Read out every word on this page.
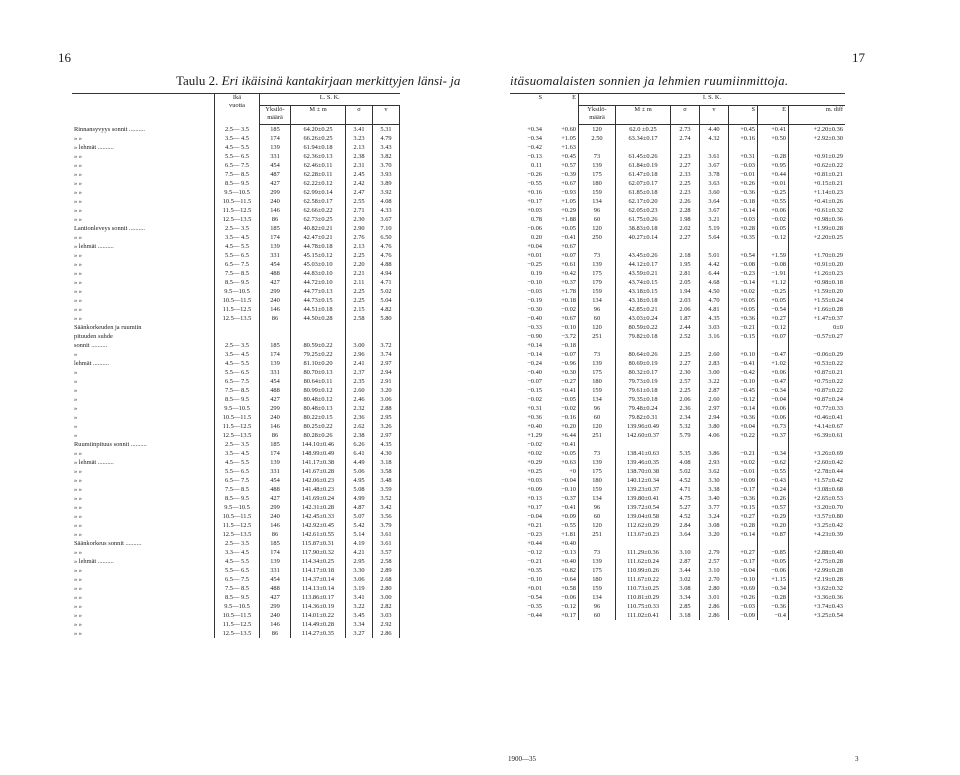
16
Taulu 2. Eri ikäisinä kantakirjaan merkittyjen länsi- ja
	Ikä
vuotta	L. S. K.			
		Yksilö-
määrä	M ± m	σ	v
Rinnansyvyys sonnit ..........	2.5— 3.5	185	64.20±0.25	3.41	5.31
» »	3.5— 4.5	174	66.26±0.25	3.23	4.79
» lehmät ..........	4.5— 5.5	139	61.94±0.18	2.13	3.43
» »	5.5— 6.5	331	62.36±0.13	2.38	3.82
» »	6.5— 7.5	454	62.46±0.11	2.31	3.70
» »	7.5— 8.5	487	62.28±0.11	2.45	3.93
» »	8.5— 9.5	427	62.22±0.12	2.42	3.89
» »	9.5—10.5	299	62.99±0.14	2.47	3.92
» »	10.5—11.5	240	62.58±0.17	2.55	4.08
» »	11.5—12.5	146	62.66±0.22	2.71	4.33
» »	12.5—13.5	86	62.73±0.25	2.30	3.67
Lantionleveys sonnit ..........	2.5— 3.5	185	40.82±0.21	2.90	7.10
» »	3.5— 4.5	174	42.47±0.21	2.76	6.50
» lehmät ..........	4.5— 5.5	139	44.78±0.18	2.13	4.76
» »	5.5— 6.5	331	45.15±0.12	2.25	4.76
» »	6.5— 7.5	454	45.03±0.10	2.20	4.88
» »	7.5— 8.5	488	44.83±0.10	2.21	4.94
» »	8.5— 9.5	427	44.72±0.10	2.11	4.71
» »	9.5—10.5	299	44.77±0.13	2.25	5.02
» »	10.5—11.5	240	44.73±0.15	2.25	5.04
» »	11.5—12.5	146	44.51±0.18	2.15	4.82
» »	12.5—13.5	86	44.50±0.28	2.58	5.80
Säänkorkeuden ja ruumiin					
pituuden suhde					
sonnit ..........	2.5— 3.5	185	80.59±0.22	3.00	3.72
»	3.5— 4.5	174	79.25±0.22	2.96	3.74
lehmät ..........	4.5— 5.5	139	81.10±0.20	2.41	2.97
»	5.5— 6.5	331	80.70±0.13	2.37	2.94
»	6.5— 7.5	454	80.64±0.11	2.35	2.91
»	7.5— 8.5	488	80.99±0.12	2.60	3.20
»	8.5— 9.5	427	80.48±0.12	2.46	3.06
»	9.5—10.5	299	80.48±0.13	2.32	2.88
»	10.5—11.5	240	80.22±0.15	2.36	2.95
»	11.5—12.5	146	80.25±0.22	2.62	3.26
»	12.5—13.5	86	80.28±0.26	2.38	2.97
Ruumiinpituus sonnit ..........	2.5— 3.5	185	144.10±0.46	6.26	4.35
» »	3.5— 4.5	174	148.99±0.49	6.41	4.30
» lehmät ..........	4.5— 5.5	139	141.17±0.38	4.49	3.18
» »	5.5— 6.5	331	141.67±0.28	5.06	3.58
» »	6.5— 7.5	454	142.06±0.23	4.95	3.48
» »	7.5— 8.5	488	141.48±0.23	5.08	3.59
» »	8.5— 9.5	427	141.69±0.24	4.99	3.52
» »	9.5—10.5	299	142.31±0.28	4.87	3.42
» »	10.5—11.5	240	142.45±0.33	5.07	3.56
» »	11.5—12.5	146	142.92±0.45	5.42	3.79
» »	12.5—13.5	86	142.61±0.55	5.14	3.61
Säänkorkeus sonnit ..........	2.5— 3.5	185	115.87±0.31	4.19	3.61
» »	3.3— 4.5	174	117.90±0.32	4.21	3.57
» lehmät ..........	4.5— 5.5	139	114.34±0.25	2.95	2.58
» »	5.5— 6.5	331	114.17±0.18	3.30	2.89
» »	6.5— 7.5	454	114.37±0.14	3.06	2.68
» »	7.5— 8.5	488	114.13±0.14	3.19	2.80
» »	8.5— 9.5	427	113.86±0.17	3.41	3.00
» »	9.5—10.5	299	114.36±0.19	3.22	2.82
» »	10.5—11.5	240	114.01±0.22	3.45	3.03
» »	11.5—12.5	146	114.49±0.28	3.34	2.92
» »	12.5—13.5	86	114.27±0.35	3.27	2.86
17
itäsuomalaisten sonnien ja lehmien ruumiinmittoja.
S	E	I. S. K.						
		Yksilö-
määrä	M ± m	σ	v	S	E	m. diff
+0.34	+0.60	120	62.0 ±0.25	2.73	4.40	+0.45	+0.41	+2.20±0.36
−0.34	+1.05	2.50	63.34±0.17	2.74	4.32	+0.16	+0.50	+2.92±0.30
−0.42	+1.63							
−0.13	+0.45	73	61.45±0.26	2.23	3.61	+0.31	−0.28	+0.91±0.29
0.11	+0.57	139	61.84±0.19	2.27	3.67	−0.03	+0.95	+0.62±0.22
−0.26	−0.39	175	61.47±0.18	2.33	3.78	−0.01	+0.44	+0.81±0.21
−0.55	+0.67	180	62.07±0.17	2.25	3.63	+0.26	+0.01	+0.15±0.21
+0.16	−0.93	159	61.85±0.18	2.23	3.60	−0.36	−0.25	+1.14±0.23
+0.17	+1.05	134	62.17±0.20	2.26	3.64	−0.18	+0.55	+0.41±0.26
+0.03	+0.29	96	62.05±0.23	2.28	3.67	−0.14	+0.06	+0.61±0.32
0.78	+1.88	60	61.75±0.26	1.98	3.21	−0.03	−0.02	+0.98±0.36
−0.06	+0.05	120	38.83±0.18	2.02	5.19	+0.28	+0.05	+1.99±0.28
0.20	−0.41	250	40.27±0.14	2.27	5.64	+0.35	−0.12	+2.20±0.25
+0.04	+0.67							
+0.01	+0.07	73	43.45±0.26	2.18	5.01	+0.54	+1.59	+1.70±0.29
−0.25	+0.61	139	44.12±0.17	1.95	4.42	−0.08	−0.08	+0.91±0.20
0.19	+0.42	175	43.59±0.21	2.81	6.44	−0.23	−1.91	+1.26±0.23
−0.10	+0.37	179	43.74±0.15	2.05	4.68	−0.14	+1.12	+0.98±0.18
−0.03	+1.78	159	43.18±0.15	1.94	4.50	+0.02	−0.25	+1.59±0.20
−0.19	+0.18	134	43.18±0.18	2.03	4.70	+0.05	+0.05	+1.55±0.24
−0.30	−0.02	96	42.85±0.21	2.06	4.81	+0.05	−0.54	+1.66±0.28
−0.40	+0.67	60	43.03±0.24	1.87	4.35	+0.36	+0.27	+1.47±0.37

−0.33	−0.10	120	80.59±0.22	2.44	3.03	−0.21	−0.12	0±0
−0.90	−3.72	251	79.82±0.18	2.52	3.16	−0.15	+0.07	−0.57±0.27
+0.14	−0.18							
−0.14	−0.07	73	80.64±0.26	2.25	2.60	+0.10	−0.47	−0.06±0.29
−0.24	−0.96	139	80.69±0.19	2.27	2.83	−0.41	+1.02	+0.53±0.22
−0.40	+0.30	175	80.32±0.17	2.30	3.00	−0.42	+0.06	+0.87±0.21
−0.07	−0.27	180	79.73±0.19	2.57	3.22	−0.10	−0.47	+0.75±0.22
−0.15	+0.41	159	79.61±0.18	2.25	2.87	−0.45	−0.34	+0.87±0.22
−0.02	−0.05	134	79.35±0.18	2.06	2.60	−0.12	−0.04	+0.87±0.24
+0.31	−0.02	96	79.48±0.24	2.36	2.97	−0.14	+0.06	+0.77±0.33
+0.36	−0.16	60	79.82±0.31	2.34	2.94	+0.36	+0.06	+0.46±0.41
+0.40	+0.20	120	139.96±0.49	5.32	3.80	+0.04	+0.73	+4.14±0.67
+1.29	+6.44	251	142.60±0.37	5.79	4.06	+0.22	+0.37	+6.39±0.61
−0.02	+0.41							
+0.02	+0.05	73	138.41±0.63	5.35	3.86	−0.21	−0.34	+3.26±0.69
+0.29	+0.63	139	139.46±0.35	4.08	2.93	+0.02	−0.62	+2.60±0.42
+0.25	+0	175	138.70±0.38	5.02	3.62	−0.01	−0.55	+2.78±0.44
+0.03	−0.04	180	140.12±0.34	4.52	3.30	+0.09	−0.43	+1.57±0.42
+0.09	−0.10	159	139.23±0.37	4.71	3.38	−0.17	+0.24	+3.08±0.68
+0.13	−0.37	134	139.80±0.41	4.75	3.40	−0.36	+0.26	+2.65±0.53
+0.17	−0.41	96	139.72±0.54	5.27	3.77	+0.15	+0.57	+3.20±0.70
−0.04	+0.09	60	139.04±0.58	4.52	3.24	+0.27	+0.29	+3.57±0.80
+0.21	−0.55	120	112.62±0.29	2.84	3.08	+0.28	+0.20	+3.25±0.42
−0.23	+1.81	251	113.67±0.23	3.64	3.20	+0.14	+0.87	+4.23±0.39
+0.44	+0.40							
−0.12	−0.13	73	111.29±0.36	3.10	2.79	+0.27	−0.85	+2.88±0.40
−0.21	+0.40	139	111.62±0.24	2.87	2.57	−0.17	+0.05	+2.75±0.28
+0.35	+0.82	175	110.99±0.26	3.44	3.10	−0.04	−0.06	+2.99±0.28
−0.10	−0.64	180	111.67±0.22	3.02	2.70	−0.10	+1.15	+2.19±0.28
+0.01	+0.58	159	110.73±0.25	3.08	2.80	+0.69	−0.34	+3.62±0.32
−0.54	−0.06	134	110.81±0.29	3.34	3.01	+0.26	−0.28	+3.36±0.36
−0.35	−0.12	96	110.75±0.33	2.85	2.86	−0.03	−0.36	+3.74±0.43
−0.44	+0.17	60	111.02±0.41	3.18	2.86	−0.09	−0.4	+3.25±0.54
1900—35	3
